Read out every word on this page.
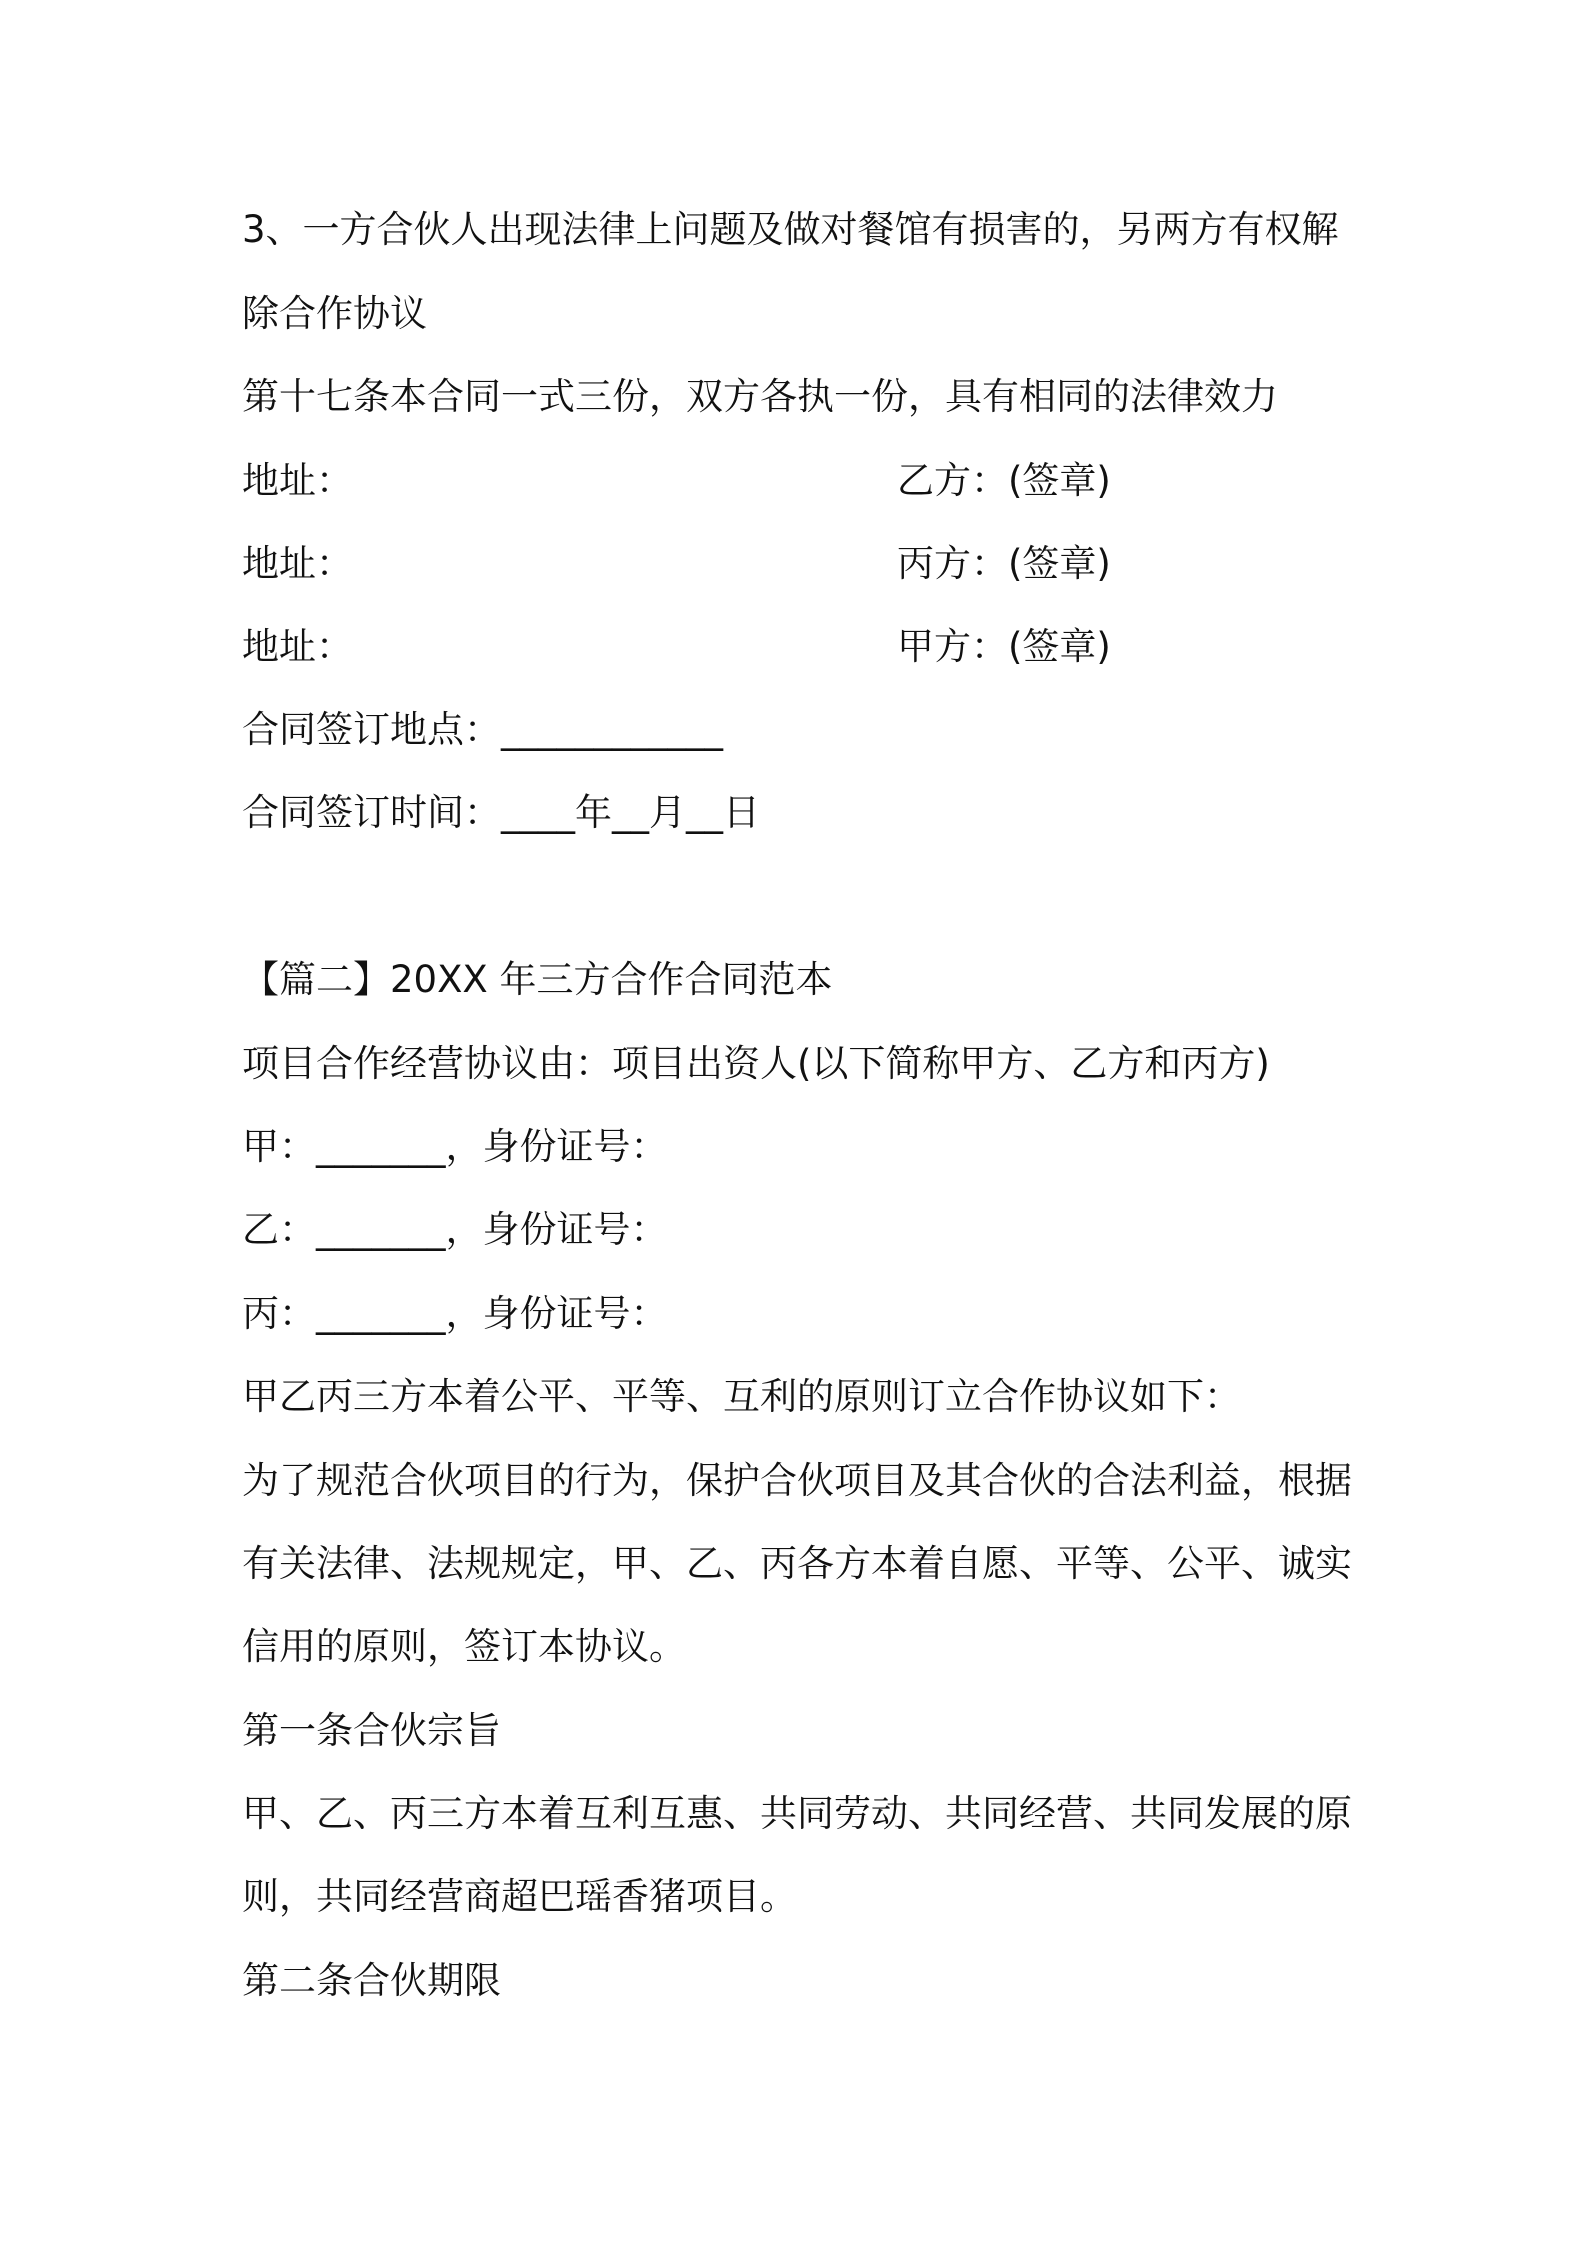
3、一方合伙人出现法律上问题及做对餐馆有损害的，另两方有权解

除合作协议

第十七条本合同一式三份，双方各执一份，具有相同的法律效力

地址：	乙方：(签章)
地址：	丙方：(签章)
地址：	甲方：(签章)

合同签订地点：____________

合同签订时间：____年__月__日

【篇二】20XX 年三方合作合同范本

项目合作经营协议由：项目出资人(以下简称甲方、乙方和丙方)

甲：_______，身份证号：

乙：_______，身份证号：

丙：_______，身份证号：

甲乙丙三方本着公平、平等、互利的原则订立合作协议如下：

为了规范合伙项目的行为，保护合伙项目及其合伙的合法利益，根据

有关法律、法规规定，甲、乙、丙各方本着自愿、平等、公平、诚实

信用的原则，签订本协议。

第一条合伙宗旨

甲、乙、丙三方本着互利互惠、共同劳动、共同经营、共同发展的原

则，共同经营商超巴瑶香猪项目。

第二条合伙期限
